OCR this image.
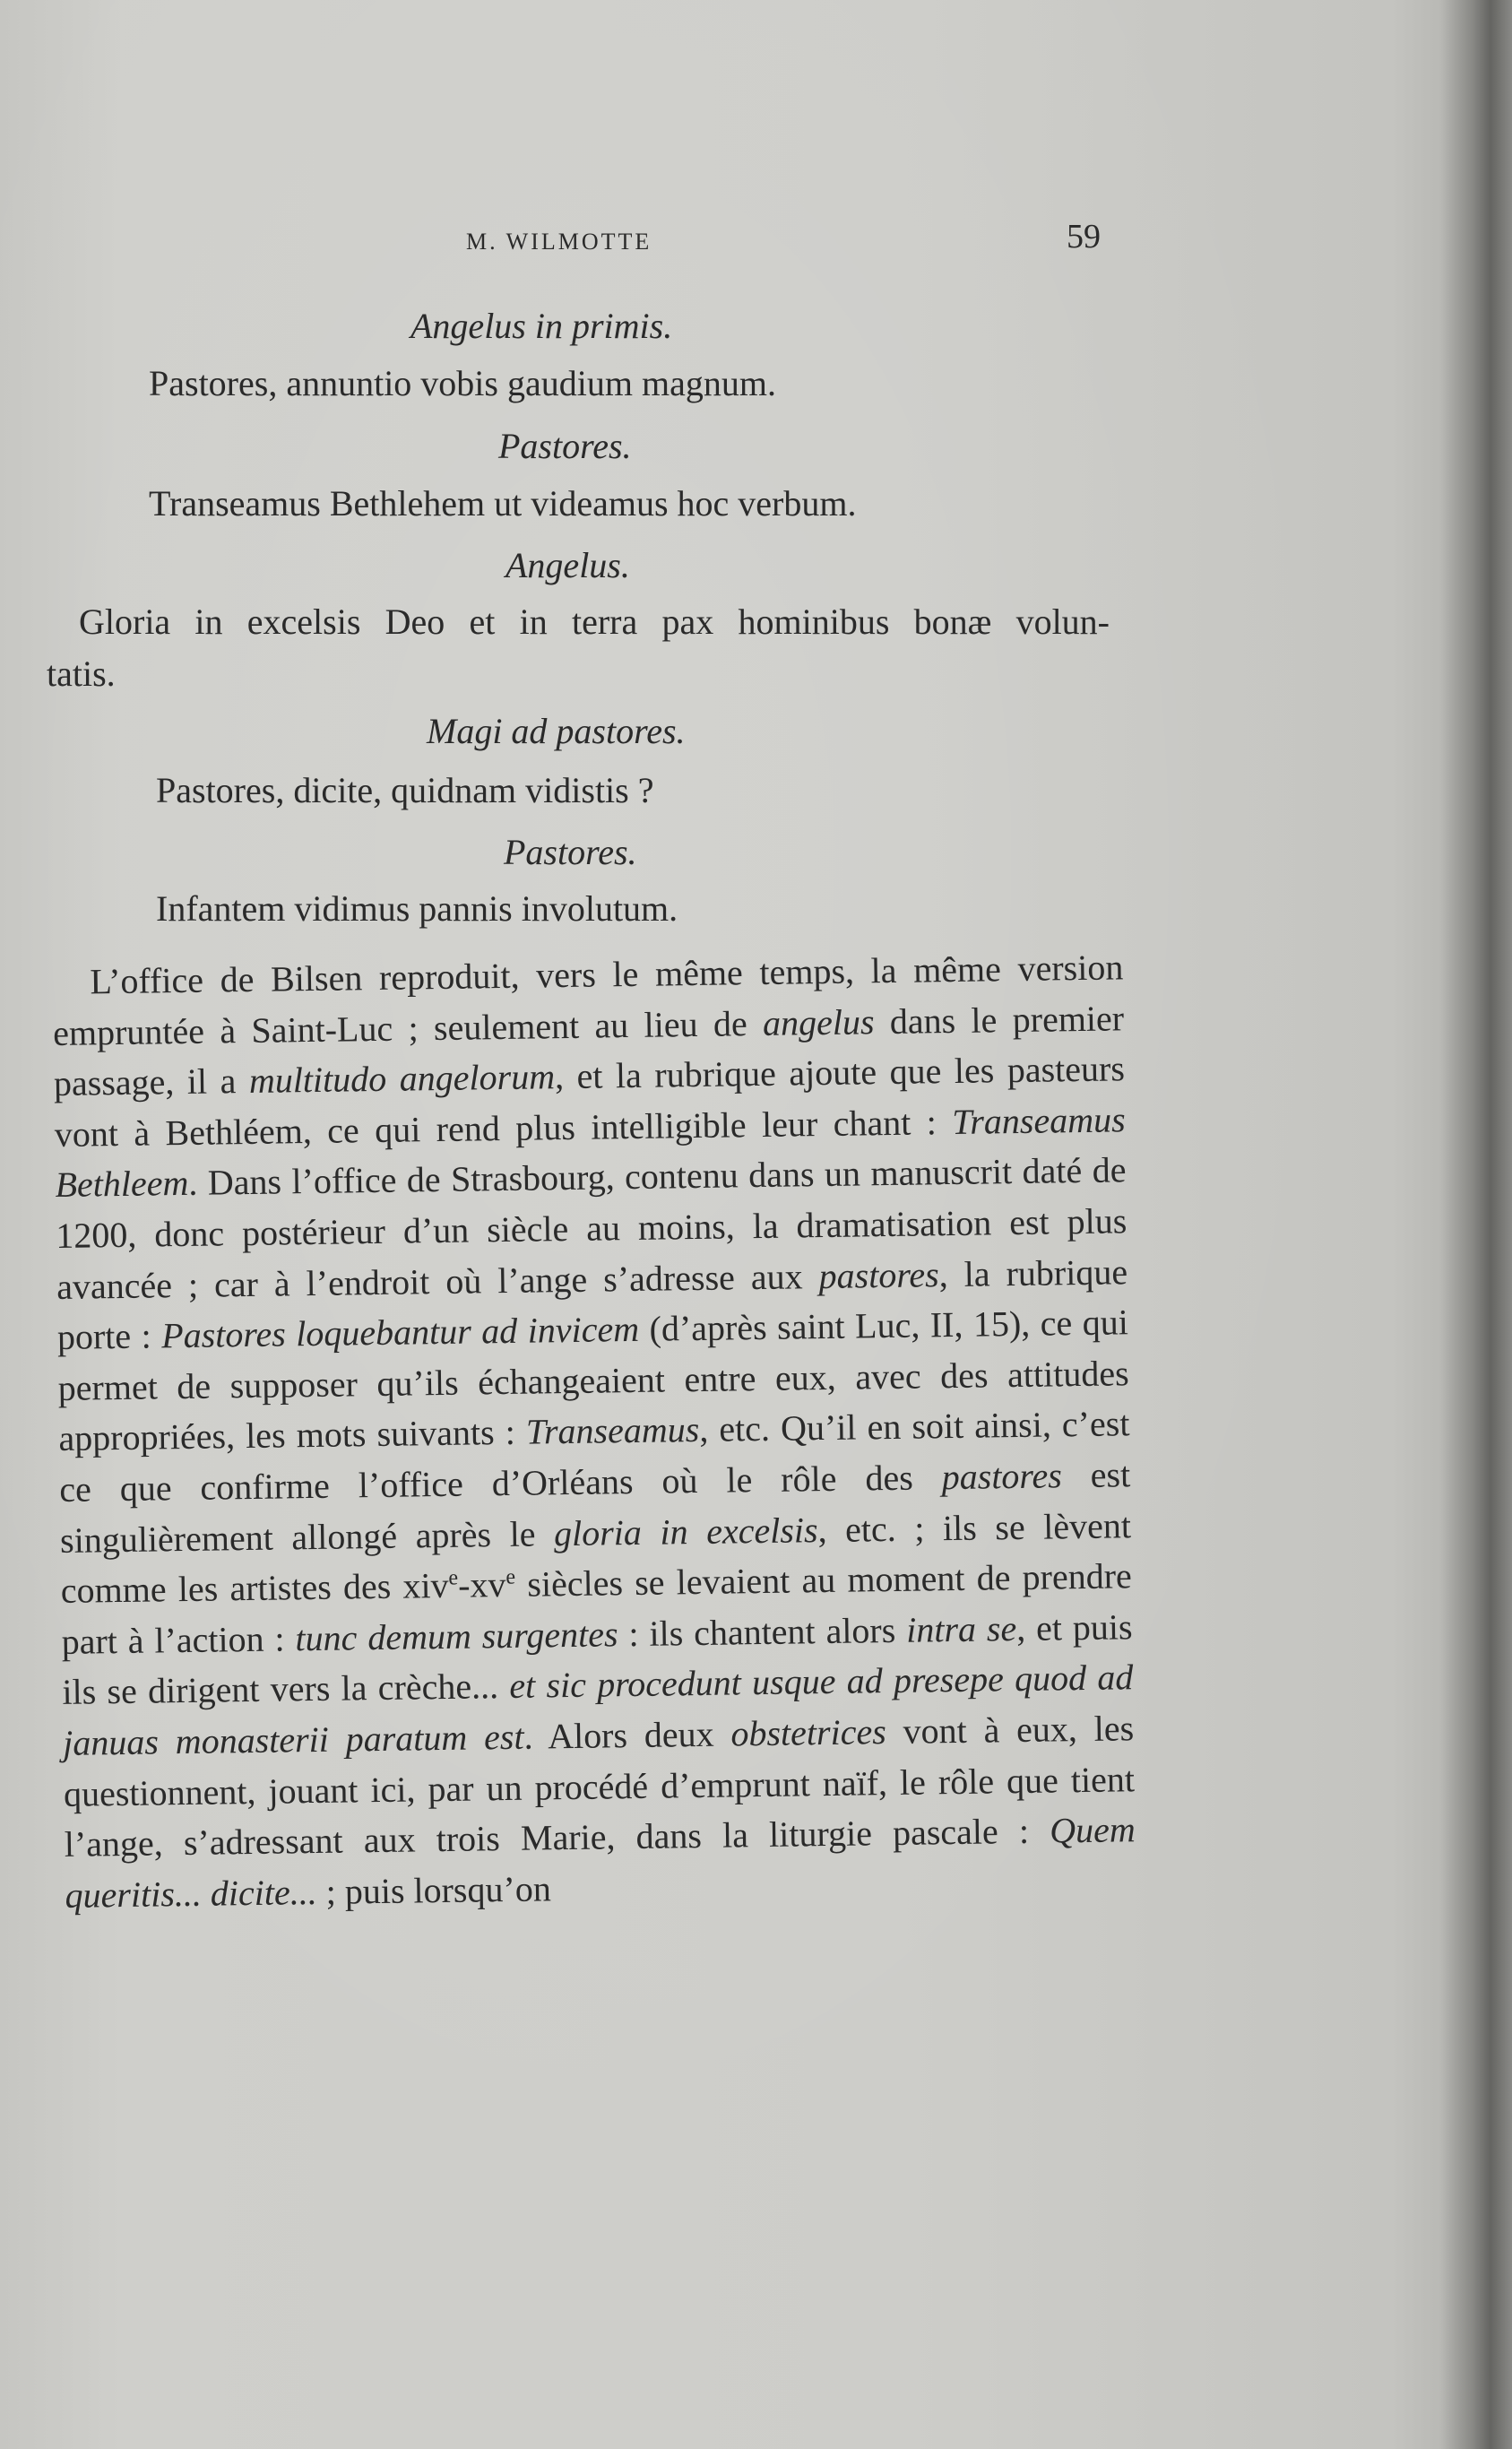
M. WILMOTTE	59
Angelus in primis.
Pastores, annuntio vobis gaudium magnum.
Pastores.
Transeamus Bethlehem ut videamus hoc verbum.
Angelus.
Gloria in excelsis Deo et in terra pax hominibus bonæ volun-
tatis.
Magi ad pastores.
Pastores, dicite, quidnam vidistis ?
Pastores.
Infantem vidimus pannis involutum.

L’office de Bilsen reproduit, vers le même temps, la même version empruntée à Saint-Luc ; seulement au lieu de angelus dans le premier passage, il a multitudo angelorum, et la rubrique ajoute que les pasteurs vont à Bethléem, ce qui rend plus intelligible leur chant : Transeamus Bethleem. Dans l’office de Strasbourg, contenu dans un manuscrit daté de 1200, donc postérieur d’un siècle au moins, la dramatisation est plus avancée ; car à l’endroit où l’ange s’adresse aux pastores, la rubrique porte : Pastores loquebantur ad invicem (d’après saint Luc, II, 15), ce qui permet de supposer qu’ils échangeaient entre eux, avec des attitudes appropriées, les mots suivants : Transeamus, etc. Qu’il en soit ainsi, c’est ce que confirme l’office d’Orléans où le rôle des pastores est singulièrement allongé après le gloria in excelsis, etc. ; ils se lèvent comme les artistes des $xiv^e-xv^e$ siècles se levaient au moment de prendre part à l’action : tunc demum surgentes : ils chantent alors intra se, et puis ils se dirigent vers la crèche... et sic procedunt usque ad presepe quod ad januas monasterii paratum est. Alors deux obstetrices vont à eux, les questionnent, jouant ici, par un procédé d’emprunt naïf, le rôle que tient l’ange, s’adressant aux trois Marie, dans la liturgie pascale : Quem queritis... dicite... ; puis lorsqu’on
